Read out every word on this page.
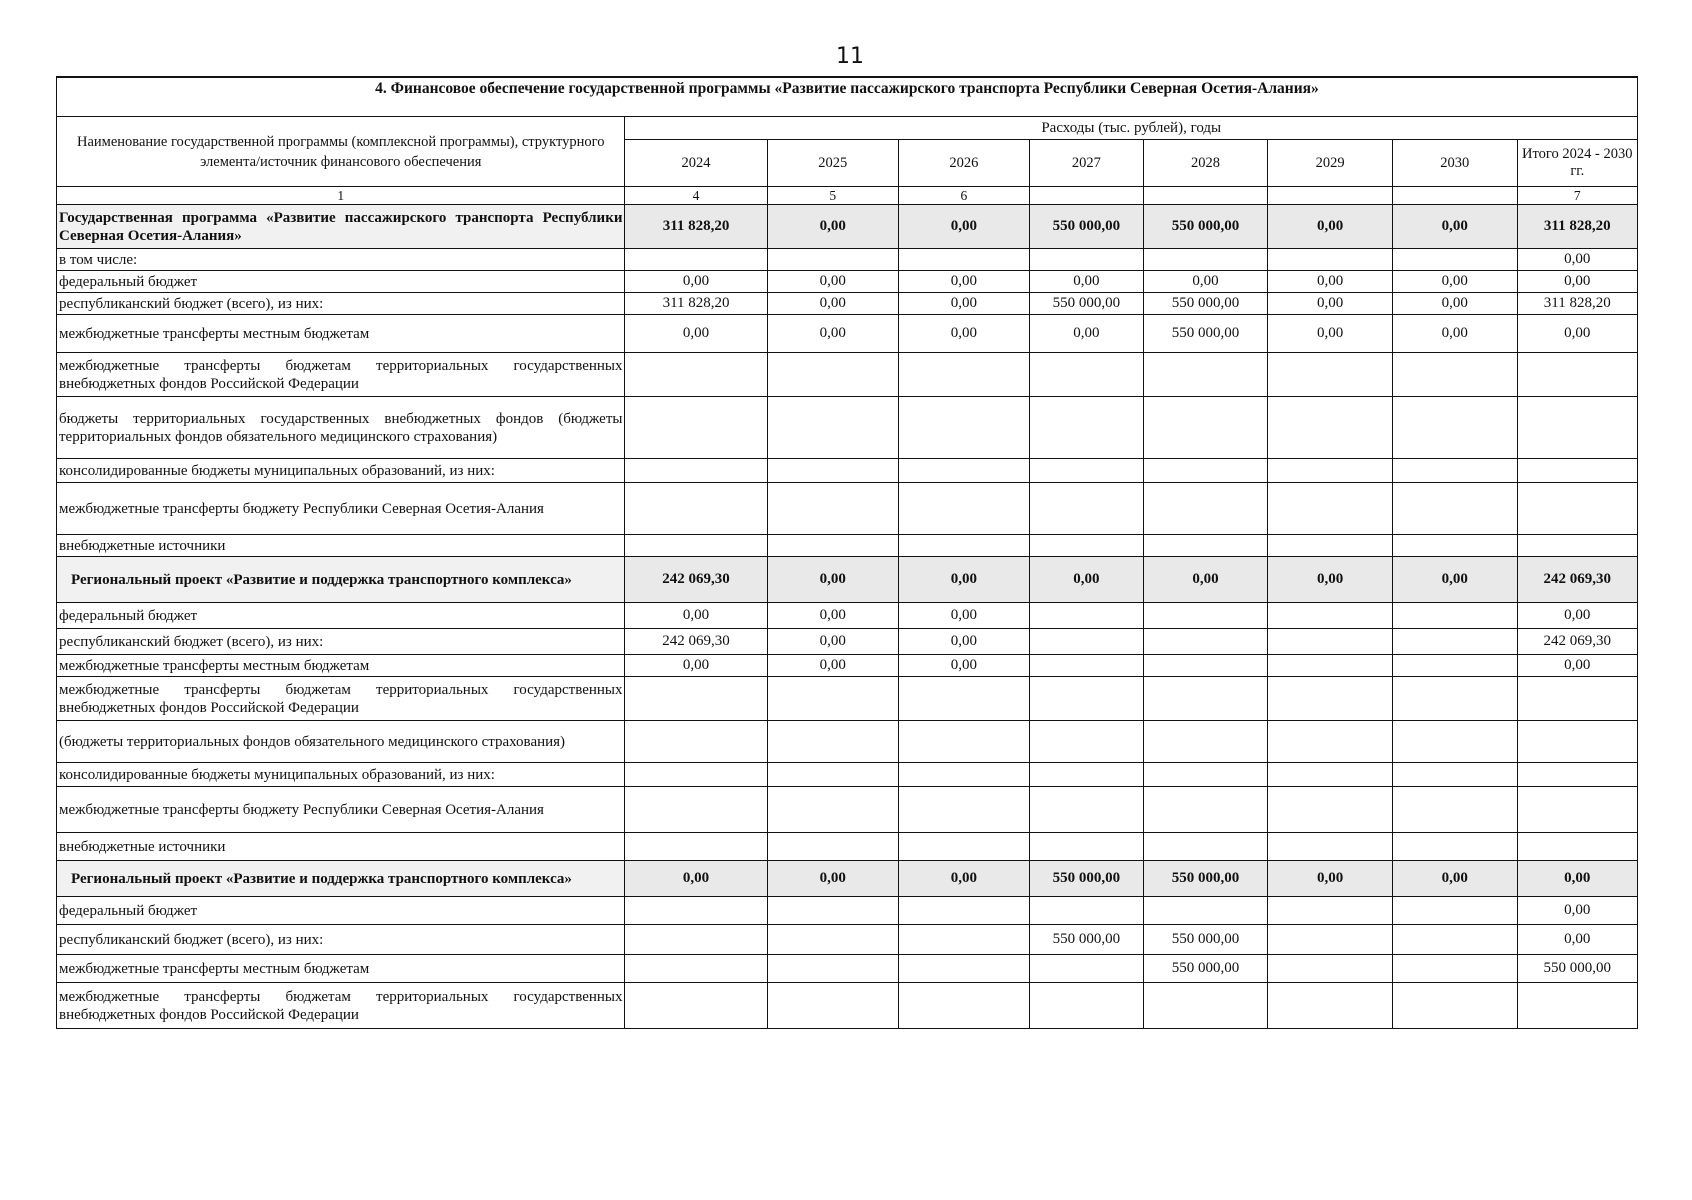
11
4. Финансовое обеспечение государственной программы «Развитие пассажирского транспорта Республики Северная Осетия-Алания»								
Наименование государственной программы (комплексной программы), структурного элемента/источник финансового обеспечения	Расходы (тыс. рублей), годы							
	2024	2025	2026	2027	2028	2029	2030	Итого 2024 - 2030 гг.
1	4	5	6					7
Государственная программа «Развитие пассажирского транспорта Республики Северная Осетия-Алания»	311 828,20	0,00	0,00	550 000,00	550 000,00	0,00	0,00	311 828,20
в том числе:								0,00
федеральный бюджет	0,00	0,00	0,00	0,00	0,00	0,00	0,00	0,00
республиканский бюджет (всего), из них:	311 828,20	0,00	0,00	550 000,00	550 000,00	0,00	0,00	311 828,20
межбюджетные трансферты местным бюджетам	0,00	0,00	0,00	0,00	550 000,00	0,00	0,00	0,00
межбюджетные трансферты бюджетам территориальных государственных внебюджетных фондов Российской Федерации								
бюджеты территориальных государственных внебюджетных фондов (бюджеты территориальных фондов обязательного медицинского страхования)								
консолидированные бюджеты муниципальных образований, из них:								
межбюджетные трансферты бюджету Республики Северная Осетия-Алания								
внебюджетные источники								
Региональный проект «Развитие и поддержка транспортного комплекса»	242 069,30	0,00	0,00	0,00	0,00	0,00	0,00	242 069,30
федеральный бюджет	0,00	0,00	0,00					0,00
республиканский бюджет (всего), из них:	242 069,30	0,00	0,00					242 069,30
межбюджетные трансферты местным бюджетам	0,00	0,00	0,00					0,00
межбюджетные трансферты бюджетам территориальных государственных внебюджетных фондов Российской Федерации								
(бюджеты территориальных фондов обязательного медицинского страхования)								
консолидированные бюджеты муниципальных образований, из них:								
межбюджетные трансферты бюджету Республики Северная Осетия-Алания								
внебюджетные источники								
Региональный проект «Развитие и поддержка транспортного комплекса»	0,00	0,00	0,00	550 000,00	550 000,00	0,00	0,00	0,00
федеральный бюджет								0,00
республиканский бюджет (всего), из них:				550 000,00	550 000,00			0,00
межбюджетные трансферты местным бюджетам					550 000,00			550 000,00
межбюджетные трансферты бюджетам территориальных государственных внебюджетных фондов Российской Федерации								
